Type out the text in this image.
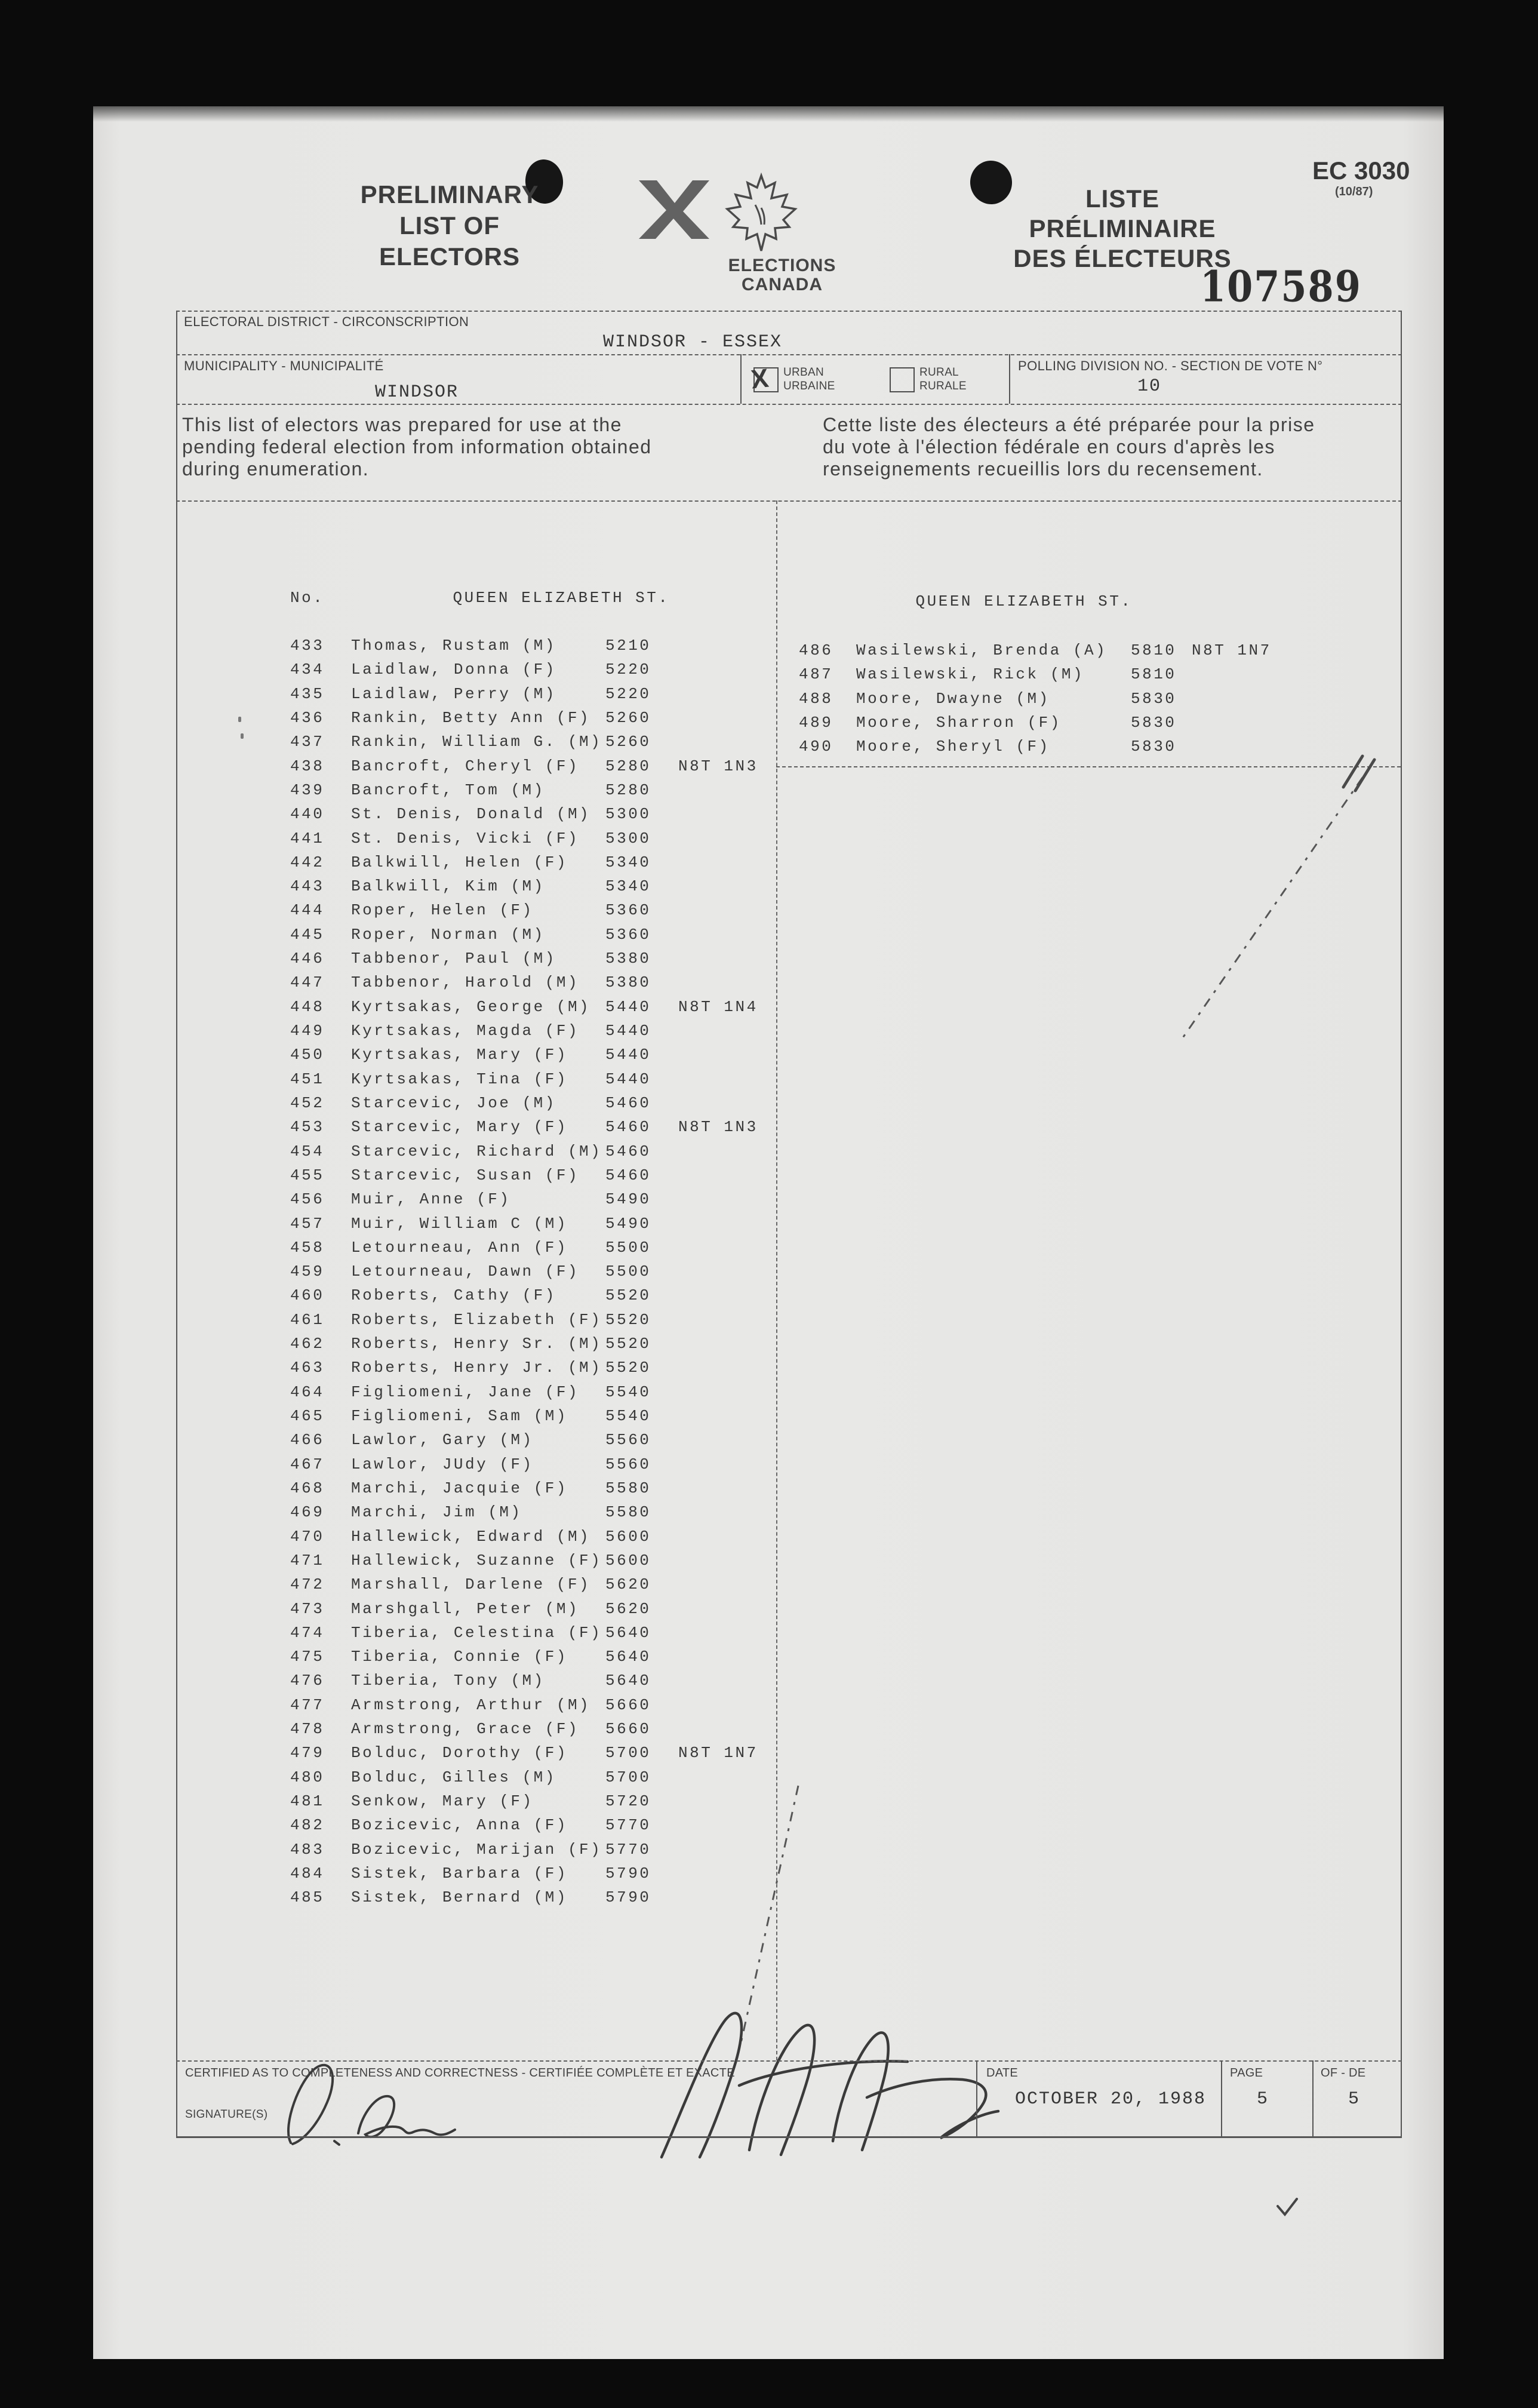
PRELIMINARY
LIST OF
ELECTORS	ELECTIONS
CANADA
LISTE
PRÉLIMINAIRE
DES ÉLECTEURS
EC 3030
(10/87)
107589
ELECTORAL DISTRICT - CIRCONSCRIPTION
WINDSOR - ESSEX
MUNICIPALITY - MUNICIPALITÉ
WINDSOR	X URBAN
URBAINE
RURAL
RURALE
POLLING DIVISION NO. - SECTION DE VOTE N°
10
This list of electors was prepared for use at the
pending federal election from information obtained
during enumeration.
Cette liste des électeurs a été préparée pour la prise
du vote à l'élection fédérale en cours d'après les
renseignements recueillis lors du recensement.
No.	QUEEN ELIZABETH ST.	QUEEN ELIZABETH ST.
433 Thomas, Rustam (M)	5210
434 Laidlaw, Donna (F)	5220
435 Laidlaw, Perry (M)	5220
436 Rankin, Betty Ann (F) 5260
437 Rankin, William G. (M) 5260
438 Bancroft, Cheryl (F) 5280 N8T 1N3
439 Bancroft, Tom (M)	5280
440 St. Denis, Donald (M) 5300
441 St. Denis, Vicki (F) 5300
442 Balkwill, Helen (F) 5340
443 Balkwill, Kim (M)	5340
444 Roper, Helen (F)	5360
445 Roper, Norman (M)	5360
446 Tabbenor, Paul (M)	5380
447 Tabbenor, Harold (M) 5380
448 Kyrtsakas, George (M) 5440 N8T 1N4
449 Kyrtsakas, Magda (F) 5440
450 Kyrtsakas, Mary (F) 5440
451 Kyrtsakas, Tina (F) 5440
452 Starcevic, Joe (M)	5460
453 Starcevic, Mary (F) 5460 N8T 1N3
454 Starcevic, Richard (M) 5460
455 Starcevic, Susan (F) 5460
456 Muir, Anne (F)	5490
457 Muir, William C (M) 5490
458 Letourneau, Ann (F) 5500
459 Letourneau, Dawn (F) 5500
460 Roberts, Cathy (F)	5520
461 Roberts, Elizabeth (F) 5520
462 Roberts, Henry Sr. (M) 5520
463 Roberts, Henry Jr. (M) 5520
464 Figliomeni, Jane (F) 5540
465 Figliomeni, Sam (M) 5540
466 Lawlor, Gary (M)	5560
467 Lawlor, JUdy (F)	5560
468 Marchi, Jacquie (F) 5580
469 Marchi, Jim (M)	5580
470 Hallewick, Edward (M) 5600
471 Hallewick, Suzanne (F) 5600
472 Marshall, Darlene (F) 5620
473 Marshgall, Peter (M) 5620
474 Tiberia, Celestina (F) 5640
475 Tiberia, Connie (F) 5640
476 Tiberia, Tony (M)	5640
477 Armstrong, Arthur (M) 5660
478 Armstrong, Grace (F) 5660
479 Bolduc, Dorothy (F) 5700 N8T 1N7
480 Bolduc, Gilles (M)	5700
481 Senkow, Mary (F)	5720
482 Bozicevic, Anna (F) 5770
483 Bozicevic, Marijan (F) 5770
484 Sistek, Barbara (F) 5790
485 Sistek, Bernard (M) 5790
486 Wasilewski, Brenda (A) 5810 N8T 1N7
487 Wasilewski, Rick (M)	5810
488 Moore, Dwayne (M)	5830
489 Moore, Sharron (F)	5830
490 Moore, Sheryl (F)	5830
CERTIFIED AS TO COMPLETENESS AND CORRECTNESS - CERTIFIÉE COMPLÈTE ET EXACTE
SIGNATURE(S)
DATE
OCTOBER 20, 1988
PAGE
5
OF - DE
5
